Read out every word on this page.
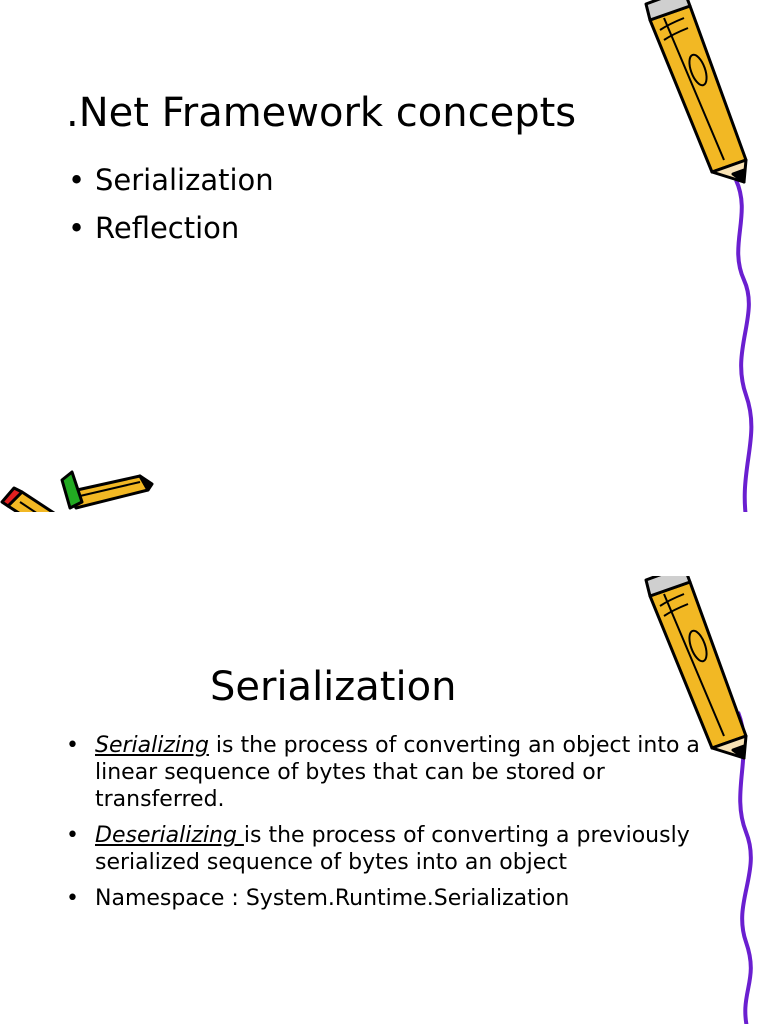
.Net Framework concepts
• Serialization
• Reflection
Serialization
• Serializing is the process of converting an object into a linear sequence of bytes that can be stored or transferred.
• Deserializing is the process of converting a previously serialized sequence of bytes into an object
• Namespace : System.Runtime.Serialization
